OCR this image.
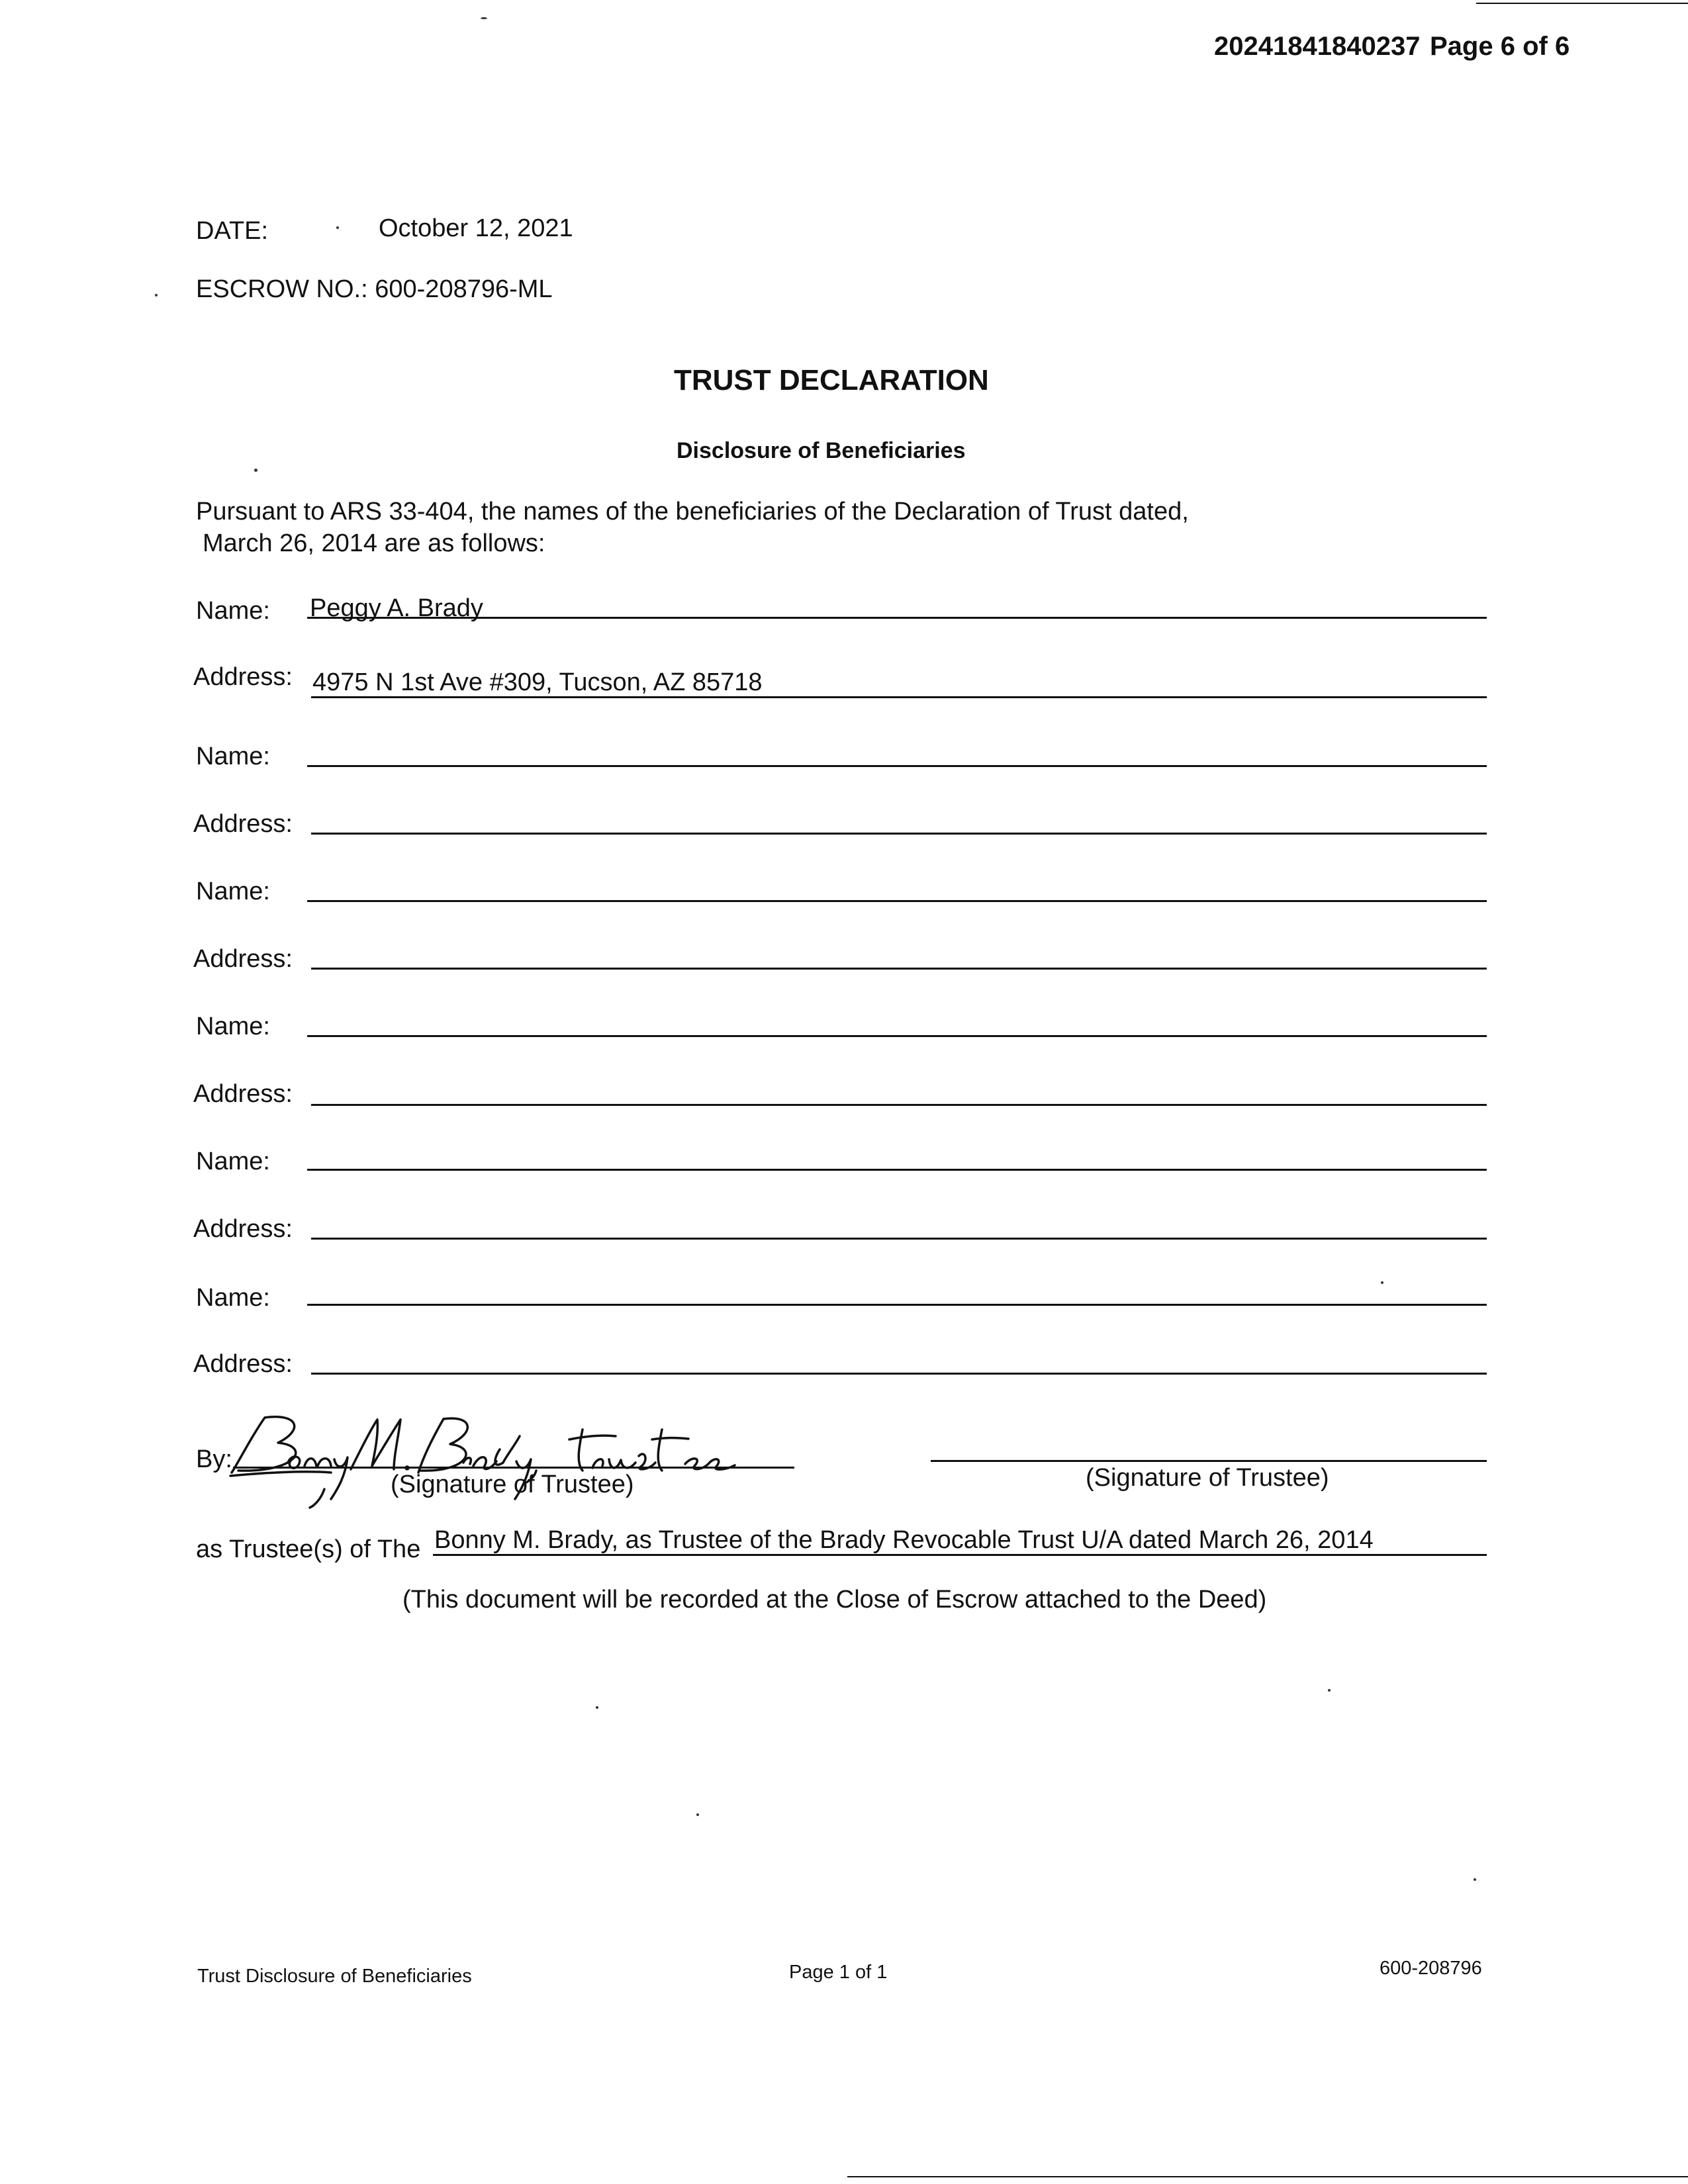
20241841840237 Page 6 of 6
DATE:	October 12, 2021
ESCROW NO.: 600-208796-ML
TRUST DECLARATION
Disclosure of Beneficiaries
Pursuant to ARS 33-404, the names of the beneficiaries of the Declaration of Trust dated,
March 26, 2014 are as follows:
Name: Peggy A. Brady
Address: 4975 N 1st Ave #309, Tucson, AZ 85718
Name:
Address:
Name:
Address:
Name:
Address:
Name:
Address:
Name:
Address:
By:
(Signature of Trustee)	(Signature of Trustee)
as Trustee(s) of The Bonny M. Brady, as Trustee of the Brady Revocable Trust U/A dated March 26, 2014
(This document will be recorded at the Close of Escrow attached to the Deed)
Trust Disclosure of Beneficiaries	Page 1 of 1	600-208796
